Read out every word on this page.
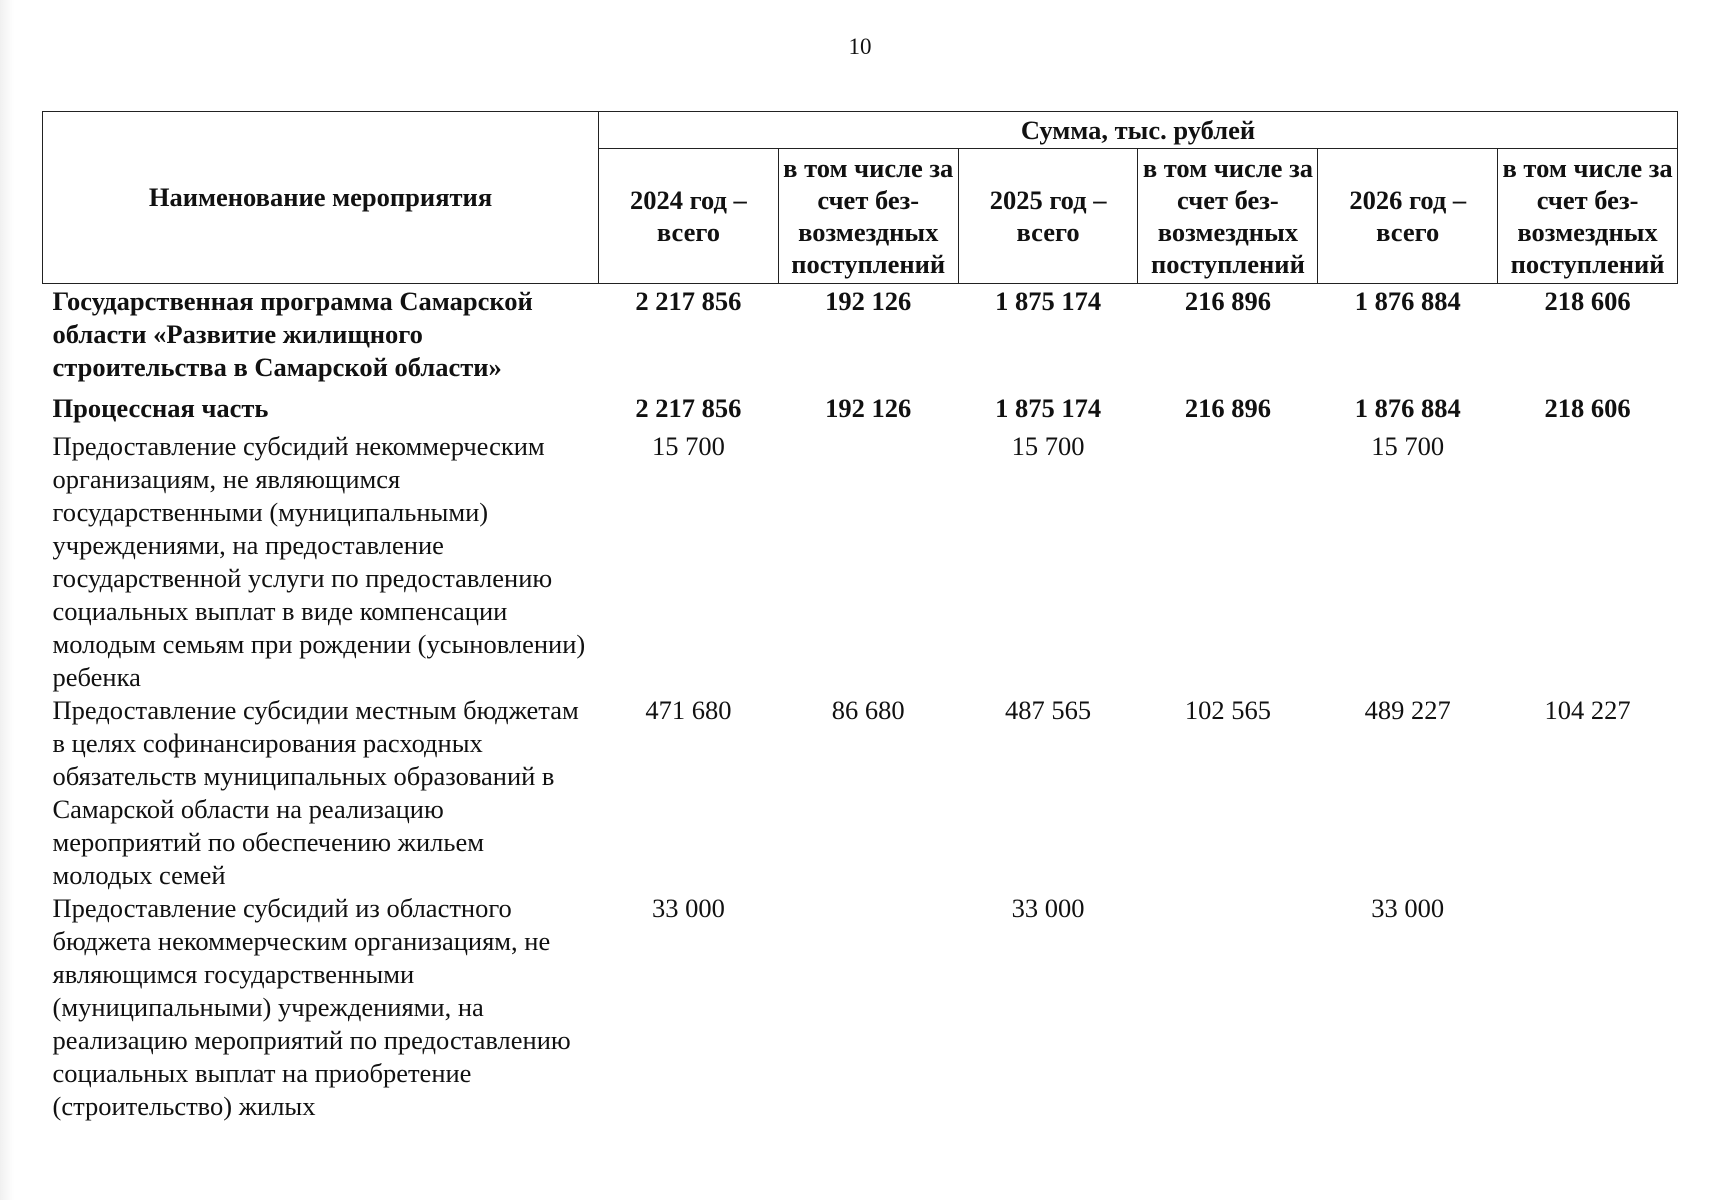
10
Наименование мероприятия	Сумма, тыс. рублей					
	2024 год – всего	в том числе за счет без-возмездных поступлений	2025 год – всего	в том числе за счет без-возмездных поступлений	2026 год – всего	в том числе за счет без-возмездных поступлений
Государственная программа Самарской области «Развитие жилищного строительства в Самарской области»	2 217 856	192 126	1 875 174	216 896	1 876 884	218 606
Процессная часть	2 217 856	192 126	1 875 174	216 896	1 876 884	218 606
Предоставление субсидий некоммерческим организациям, не являющимся государственными (муниципальными) учреждениями, на предоставление государственной услуги по предоставлению социальных выплат в виде компенсации молодым семьям при рождении (усыновлении) ребенка	15 700		15 700		15 700	
Предоставление субсидии местным бюджетам в целях софинансирования расходных обязательств муниципальных образований в Самарской области на реализацию мероприятий по обеспечению жильем молодых семей	471 680	86 680	487 565	102 565	489 227	104 227
Предоставление субсидий из областного бюджета некоммерческим организациям, не являющимся государственными (муниципальными) учреждениями, на реализацию мероприятий по предоставлению социальных выплат на приобретение (строительство) жилых	33 000		33 000		33 000	
